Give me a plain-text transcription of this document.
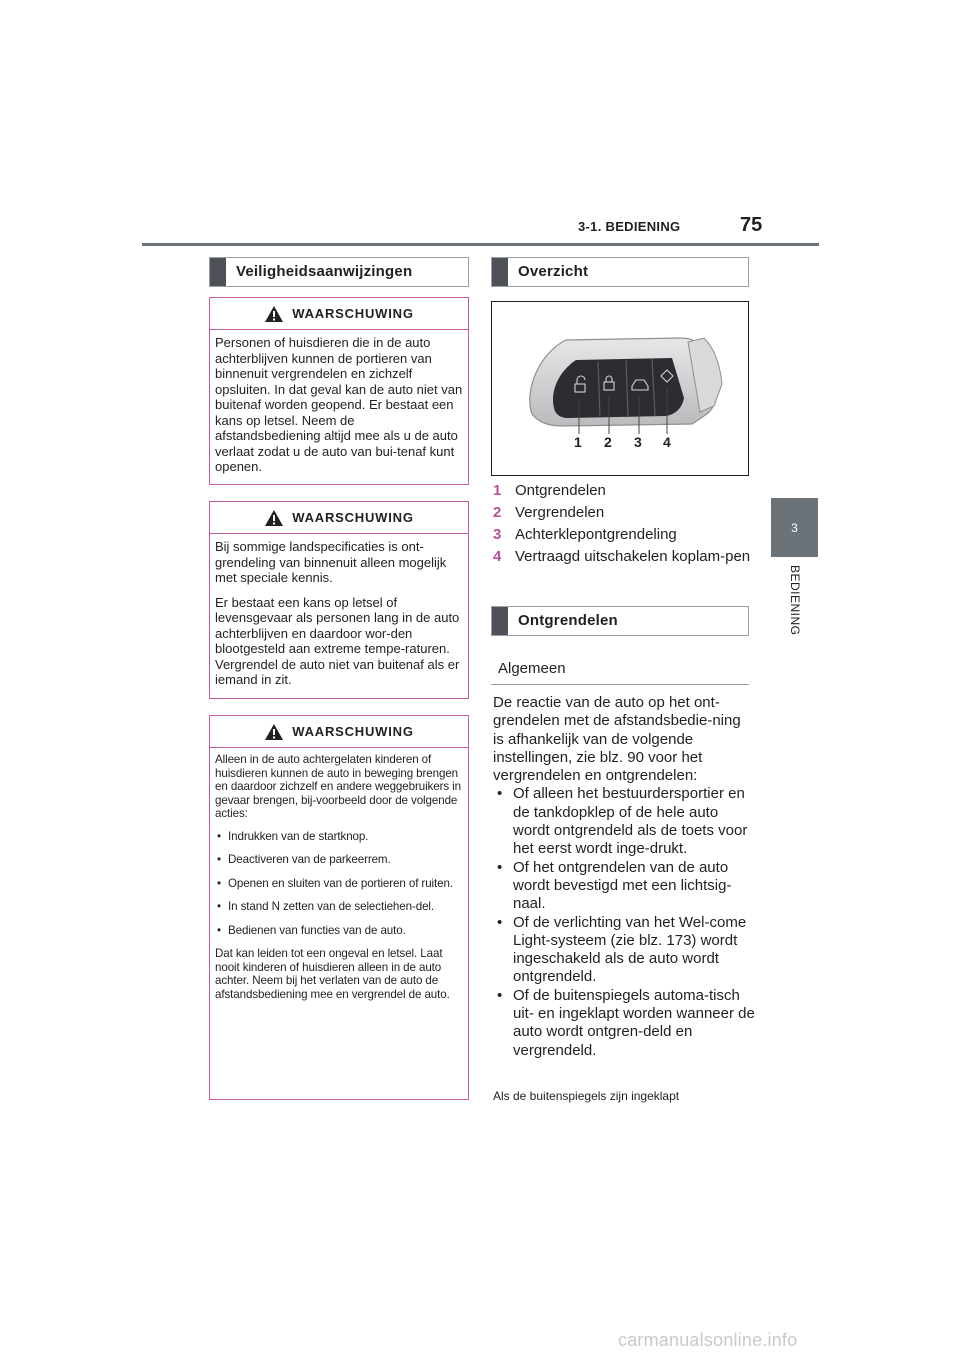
3-1. BEDIENING	75
3
BEDIENING
Veiligheidsaanwijzingen
WAARSCHUWING

Personen of huisdieren die in de auto achterblijven kunnen de portieren van binnenuit vergrendelen en zichzelf opsluiten. In dat geval kan de auto niet van buitenaf worden geopend. Er bestaat een kans op letsel. Neem de afstandsbediening altijd mee als u de auto verlaat zodat u de auto van bui-tenaf kunt openen.

WAARSCHUWING

Bij sommige landspecificaties is ont-grendeling van binnenuit alleen mogelijk met speciale kennis.

Er bestaat een kans op letsel of levensgevaar als personen lang in de auto achterblijven en daardoor wor-den blootgesteld aan extreme tempe-raturen. Vergrendel de auto niet van buitenaf als er iemand in zit.

WAARSCHUWING

Alleen in de auto achtergelaten kinderen of huisdieren kunnen de auto in beweging brengen en daardoor zichzelf en andere weggebruikers in gevaar brengen, bij-voorbeeld door de volgende acties:

• Indrukken van de startknop.
• Deactiveren van de parkeerrem.
• Openen en sluiten van de portieren of ruiten.
• In stand N zetten van de selectiehen-del.
• Bedienen van functies van de auto.

Dat kan leiden tot een ongeval en letsel. Laat nooit kinderen of huisdieren alleen in de auto achter. Neem bij het verlaten van de auto de afstandsbediening mee en vergrendel de auto.

Overzicht
1 2 3 4
1 Ontgrendelen
2 Vergrendelen
3 Achterklepontgrendeling
4 Vertraagd uitschakelen koplam-pen
Ontgrendelen
Algemeen

De reactie van de auto op het ont-grendelen met de afstandsbedie-ning is afhankelijk van de volgende instellingen, zie blz. 90 voor het vergrendelen en ontgrendelen:

• Of alleen het bestuurdersportier en de tankdopklep of de hele auto wordt ontgrendeld als de toets voor het eerst wordt inge-drukt.
• Of het ontgrendelen van de auto wordt bevestigd met een lichtsig-naal.
• Of de verlichting van het Wel-come Light-systeem (zie blz. 173) wordt ingeschakeld als de auto wordt ontgrendeld.
• Of de buitenspiegels automa-tisch uit- en ingeklapt worden wanneer de auto wordt ontgren-deld en vergrendeld.
Als de buitenspiegels zijn ingeklapt
carmanualsonline.info
